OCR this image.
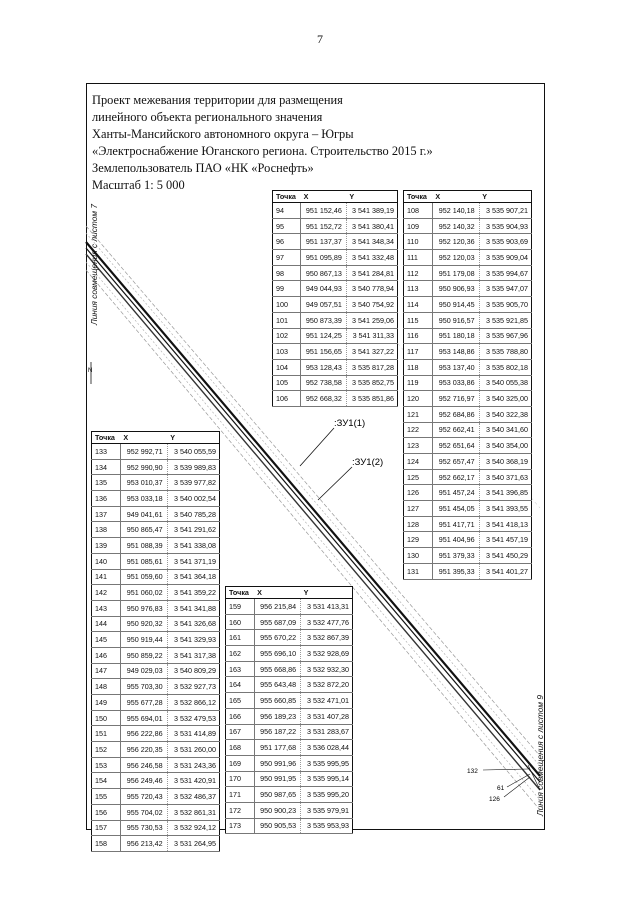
7
:ЗУ1(1)
:ЗУ1(2)
N
132
61
126
Проект межевания территории для размещения
линейного объекта регионального значения
Ханты-Мансийского автономного округа – Югры
«Электроснабжение Юганского региона. Строительство 2015 г.»
Землепользователь ПАО «НК «Роснефть»
Масштаб 1: 5 000
Линия совмещения с листом 7
Линия совмещения с листом 9
Точка	X	Y
94	951 152,46	3 541 389,19
95	951 152,72	3 541 380,41
96	951 137,37	3 541 348,34
97	951 095,89	3 541 332,48
98	950 867,13	3 541 284,81
99	949 044,93	3 540 778,94
100	949 057,51	3 540 754,92
101	950 873,39	3 541 259,06
102	951 124,25	3 541 311,33
103	951 156,65	3 541 327,22
104	953 128,43	3 535 817,28
105	952 738,58	3 535 852,75
106	952 668,32	3 535 851,86
Точка	X	Y
108	952 140,18	3 535 907,21
109	952 140,32	3 535 904,93
110	952 120,36	3 535 903,69
111	952 120,03	3 535 909,04
112	951 179,08	3 535 994,67
113	950 906,93	3 535 947,07
114	950 914,45	3 535 905,70
115	950 916,57	3 535 921,85
116	951 180,18	3 535 967,96
117	953 148,86	3 535 788,80
118	953 137,40	3 535 802,18
119	953 033,86	3 540 055,38
120	952 716,97	3 540 325,00
121	952 684,86	3 540 322,38
122	952 662,41	3 540 341,60
123	952 651,64	3 540 354,00
124	952 657,47	3 540 368,19
125	952 662,17	3 540 371,63
126	951 457,24	3 541 396,85
127	951 454,05	3 541 393,55
128	951 417,71	3 541 418,13
129	951 404,96	3 541 457,19
130	951 379,33	3 541 450,29
131	951 395,33	3 541 401,27
Точка	X	Y
133	952 992,71	3 540 055,59
134	952 990,90	3 539 989,83
135	953 010,37	3 539 977,82
136	953 033,18	3 540 002,54
137	949 041,61	3 540 785,28
138	950 865,47	3 541 291,62
139	951 088,39	3 541 338,08
140	951 085,61	3 541 371,19
141	951 059,60	3 541 364,18
142	951 060,02	3 541 359,22
143	950 976,83	3 541 341,88
144	950 920,32	3 541 326,68
145	950 919,44	3 541 329,93
146	950 859,22	3 541 317,38
147	949 029,03	3 540 809,29
148	955 703,30	3 532 927,73
149	955 677,28	3 532 866,12
150	955 694,01	3 532 479,53
151	956 222,86	3 531 414,89
152	956 220,35	3 531 260,00
153	956 246,58	3 531 243,36
154	956 249,46	3 531 420,91
155	955 720,43	3 532 486,37
156	955 704,02	3 532 861,31
157	955 730,53	3 532 924,12
158	956 213,42	3 531 264,95
Точка	X	Y
159	956 215,84	3 531 413,31
160	955 687,09	3 532 477,76
161	955 670,22	3 532 867,39
162	955 696,10	3 532 928,69
163	955 668,86	3 532 932,30
164	955 643,48	3 532 872,20
165	955 660,85	3 532 471,01
166	956 189,23	3 531 407,28
167	956 187,22	3 531 283,67
168	951 177,68	3 536 028,44
169	950 991,96	3 535 995,95
170	950 991,95	3 535 995,14
171	950 987,65	3 535 995,20
172	950 900,23	3 535 979,91
173	950 905,53	3 535 953,93
